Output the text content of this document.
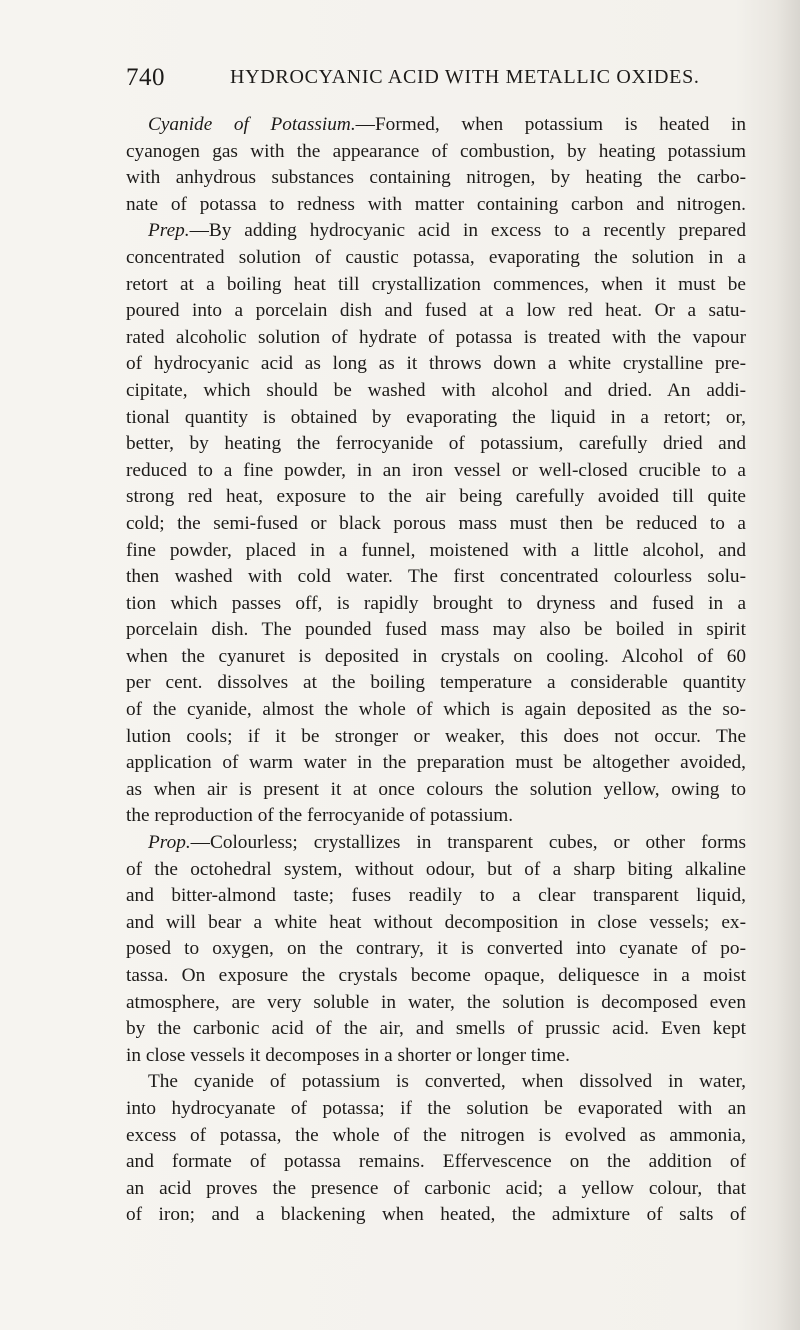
740	HYDROCYANIC ACID WITH METALLIC OXIDES.
Cyanide of Potassium.—Formed, when potassium is heated in
cyanogen gas with the appearance of combustion, by heating potassium
with anhydrous substances containing nitrogen, by heating the carbo-
nate of potassa to redness with matter containing carbon and nitrogen.
Prep.—By adding hydrocyanic acid in excess to a recently prepared
concentrated solution of caustic potassa, evaporating the solution in a
retort at a boiling heat till crystallization commences, when it must be
poured into a porcelain dish and fused at a low red heat. Or a satu-
rated alcoholic solution of hydrate of potassa is treated with the vapour
of hydrocyanic acid as long as it throws down a white crystalline pre-
cipitate, which should be washed with alcohol and dried. An addi-
tional quantity is obtained by evaporating the liquid in a retort; or,
better, by heating the ferrocyanide of potassium, carefully dried and
reduced to a fine powder, in an iron vessel or well-closed crucible to a
strong red heat, exposure to the air being carefully avoided till quite
cold; the semi-fused or black porous mass must then be reduced to a
fine powder, placed in a funnel, moistened with a little alcohol, and
then washed with cold water. The first concentrated colourless solu-
tion which passes off, is rapidly brought to dryness and fused in a
porcelain dish. The pounded fused mass may also be boiled in spirit
when the cyanuret is deposited in crystals on cooling. Alcohol of 60
per cent. dissolves at the boiling temperature a considerable quantity
of the cyanide, almost the whole of which is again deposited as the so-
lution cools; if it be stronger or weaker, this does not occur. The
application of warm water in the preparation must be altogether avoided,
as when air is present it at once colours the solution yellow, owing to
the reproduction of the ferrocyanide of potassium.
Prop.—Colourless; crystallizes in transparent cubes, or other forms
of the octohedral system, without odour, but of a sharp biting alkaline
and bitter-almond taste; fuses readily to a clear transparent liquid,
and will bear a white heat without decomposition in close vessels; ex-
posed to oxygen, on the contrary, it is converted into cyanate of po-
tassa. On exposure the crystals become opaque, deliquesce in a moist
atmosphere, are very soluble in water, the solution is decomposed even
by the carbonic acid of the air, and smells of prussic acid. Even kept
in close vessels it decomposes in a shorter or longer time.
The cyanide of potassium is converted, when dissolved in water,
into hydrocyanate of potassa; if the solution be evaporated with an
excess of potassa, the whole of the nitrogen is evolved as ammonia,
and formate of potassa remains. Effervescence on the addition of
an acid proves the presence of carbonic acid; a yellow colour, that
of iron; and a blackening when heated, the admixture of salts of
